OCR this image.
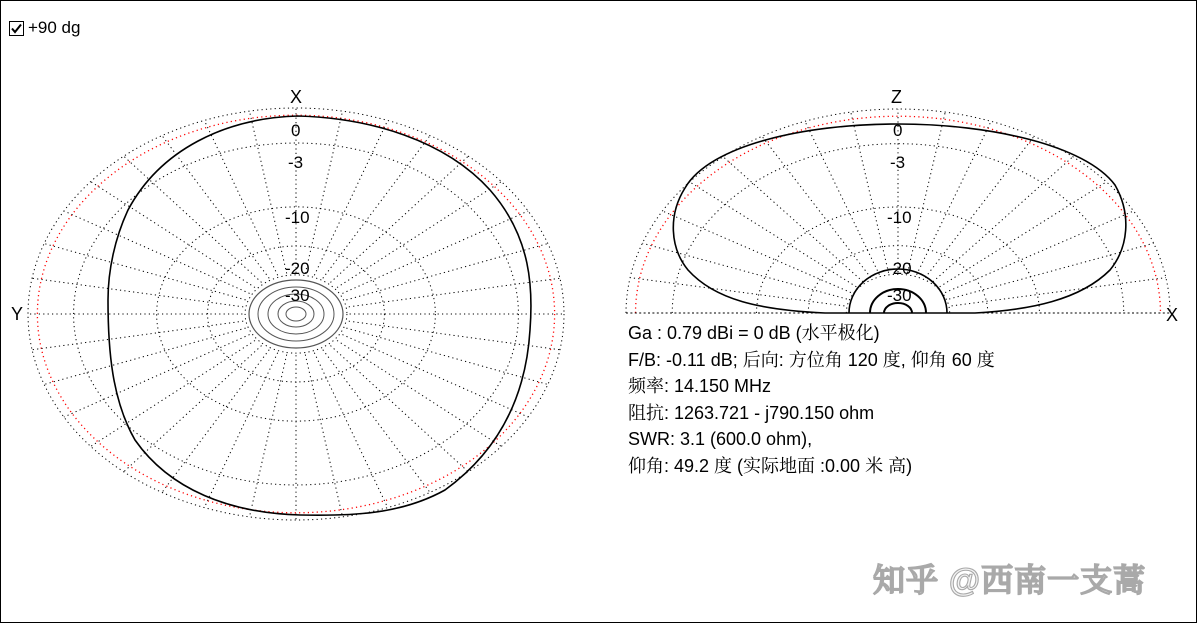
+90 dg
X
Y
0
-3
-10
-20
-30
Z
X
0
-3
-10
-20
-30
Ga : 0.79 dBi = 0 dB (水平极化)
F/B: -0.11 dB; 后向: 方位角 120 度, 仰角 60 度
频率: 14.150 MHz
阻抗: 1263.721 - j790.150 ohm
SWR: 3.1 (600.0 ohm),
仰角: 49.2 度 (实际地面 :0.00 米 高)
知乎 @西南一支蒿
